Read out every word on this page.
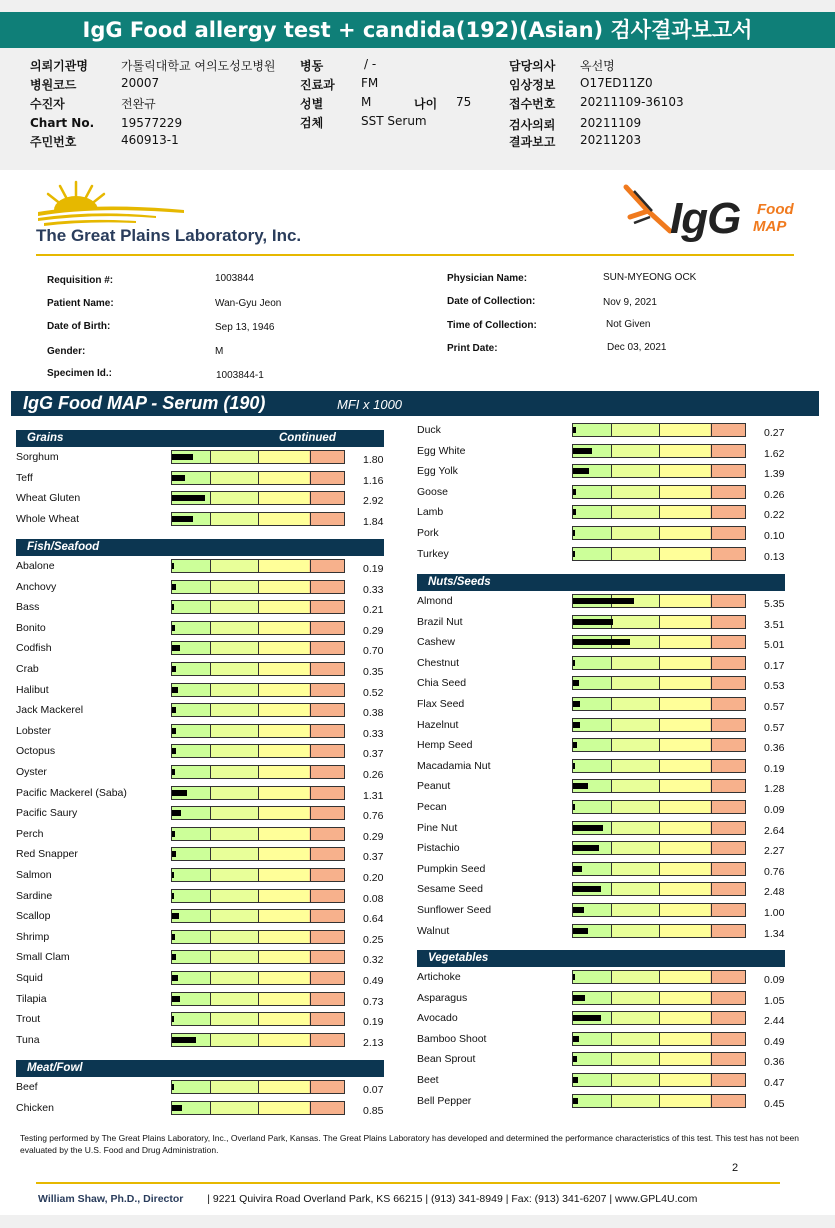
IgG Food allergy test + candida(192)(Asian) 검사결과보고서
의뢰기관명	가톨릭대학교 여의도성모병원
병원코드	20007
수진자	전완규
Chart No. 19577229
주민번호	460913-1
병동	/ -
진료과 FM
성별	M	나이 75
검체	SST Serum
담당의사 옥선명
임상정보 O17ED11Z0
접수번호 20211109-36103
검사의뢰 20211109
결과보고 20211203
The Great Plains Laboratory, Inc.	IgG Food
MAP
Requisition #:	1003844
Patient Name:	Wan-Gyu Jeon
Date of Birth:	Sep 13, 1946
Gender:	M
Specimen Id.:	1003844-1
Physician Name:	SUN-MYEONG OCK
Date of Collection:	Nov 9, 2021
Time of Collection:	Not Given
Print Date:	Dec 03, 2021
IgG Food MAP - Serum (190)	MFI x 1000
Grains	Continued
Sorghum	1.80
Teff	1.16
Wheat Gluten	2.92
Whole Wheat	1.84
Fish/Seafood
Abalone	0.19
Anchovy	0.33
Bass	0.21
Bonito	0.29
Codfish	0.70
Crab	0.35
Halibut	0.52
Jack Mackerel	0.38
Lobster	0.33
Octopus	0.37
Oyster	0.26
Pacific Mackerel (Saba)	1.31
Pacific Saury	0.76
Perch	0.29
Red Snapper	0.37
Salmon	0.20
Sardine	0.08
Scallop	0.64
Shrimp	0.25
Small Clam	0.32
Squid	0.49
Tilapia	0.73
Trout	0.19
Tuna	2.13
Meat/Fowl
Beef	0.07
Chicken	0.85
Duck	0.27
Egg White	1.62
Egg Yolk	1.39
Goose	0.26
Lamb	0.22
Pork	0.10
Turkey	0.13
Nuts/Seeds
Almond	5.35
Brazil Nut	3.51
Cashew	5.01
Chestnut	0.17
Chia Seed	0.53
Flax Seed	0.57
Hazelnut	0.57
Hemp Seed	0.36
Macadamia Nut	0.19
Peanut	1.28
Pecan	0.09
Pine Nut	2.64
Pistachio	2.27
Pumpkin Seed	0.76
Sesame Seed	2.48
Sunflower Seed	1.00
Walnut	1.34
Vegetables
Artichoke	0.09
Asparagus	1.05
Avocado	2.44
Bamboo Shoot	0.49
Bean Sprout	0.36
Beet	0.47
Bell Pepper	0.45
Testing performed by The Great Plains Laboratory, Inc., Overland Park, Kansas. The Great Plains Laboratory has developed and determined the performance characteristics of this test. This test has not been evaluated by the U.S. Food and Drug Administration.
2
William Shaw, Ph.D., Director | 9221 Quivira Road Overland Park, KS 66215 | (913) 341-8949 | Fax: (913) 341-6207 | www.GPL4U.com
